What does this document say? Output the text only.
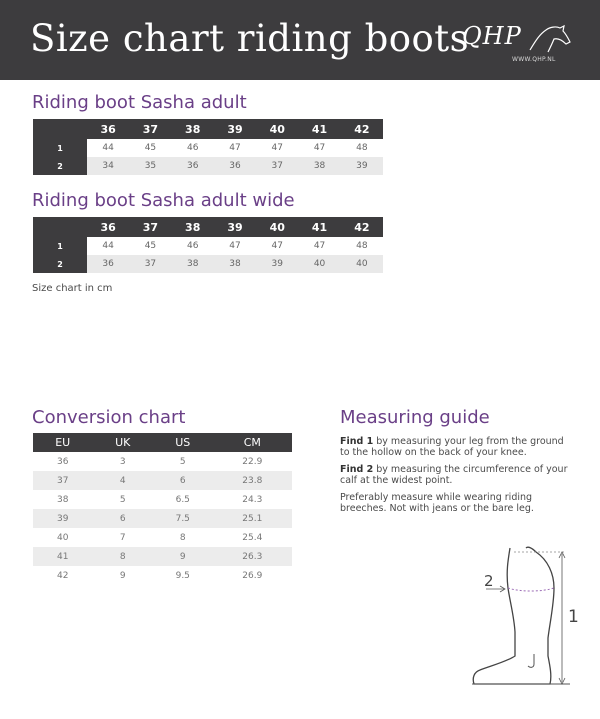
Size chart riding boots
QHP
WWW.QHP.NL
Riding boot Sasha adult
	36	37	38	39	40	41	42
1	44	45	46	47	47	47	48
2	34	35	36	36	37	38	39
Riding boot Sasha adult wide
	36	37	38	39	40	41	42
1	44	45	46	47	47	47	48
2	36	37	38	38	39	40	40
Size chart in cm
Conversion chart
EU	UK	US	CM
36	3	5	22.9
37	4	6	23.8
38	5	6.5	24.3
39	6	7.5	25.1
40	7	8	25.4
41	8	9	26.3
42	9	9.5	26.9
Measuring guide

Find 1 by measuring your leg from the ground to the hollow on the back of your knee.

Find 2 by measuring the circumference of your calf at the widest point.

Preferably measure while wearing riding breeches. Not with jeans or the bare leg.

2
1
